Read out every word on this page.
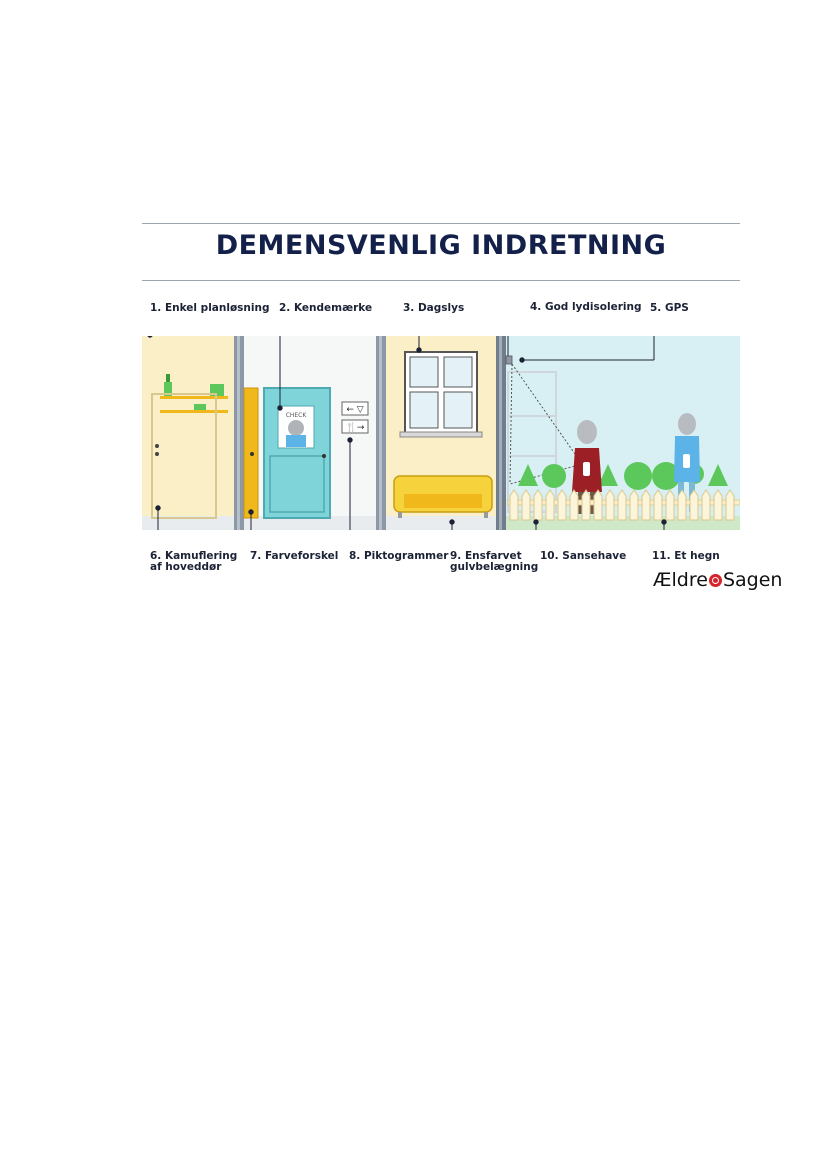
DEMENSVENLIG INDRETNING
1. Enkel planløsning 2. Kendemærke	3. Dagslys	4. God lydisolering 5. GPS
CHECK
← ▽
🍴→
6. Kamuflering
af hoveddør
7. Farveforskel 8. Piktogrammer 9. Ensfarvet
gulvbelægning
10. Sansehave 11. Et hegn
Ældre Sagen
